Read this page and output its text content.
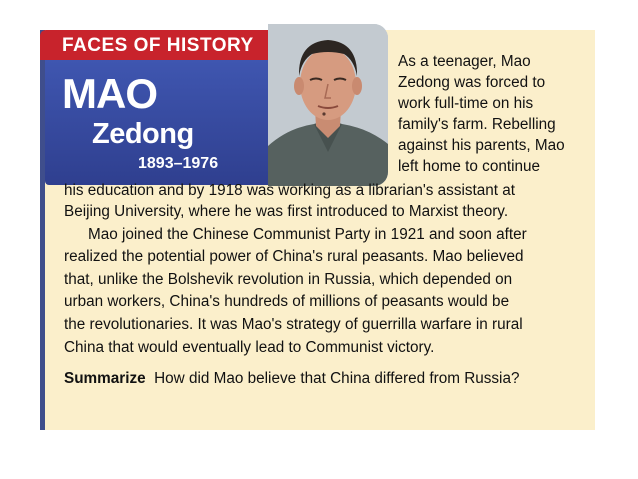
FACES OF HISTORY
MAO
Zedong
1893–1976
As a teenager, Mao
Zedong was forced to
work full-time on his
family's farm. Rebelling
against his parents, Mao
left home to continue
his education and by 1918 was working as a librarian's assistant at
Beijing University, where he was first introduced to Marxist theory.
Mao joined the Chinese Communist Party in 1921 and soon after
realized the potential power of China's rural peasants. Mao believed
that, unlike the Bolshevik revolution in Russia, which depended on
urban workers, China's hundreds of millions of peasants would be
the revolutionaries. It was Mao's strategy of guerrilla warfare in rural
China that would eventually lead to Communist victory.
Summarize How did Mao believe that China differed from Russia?
